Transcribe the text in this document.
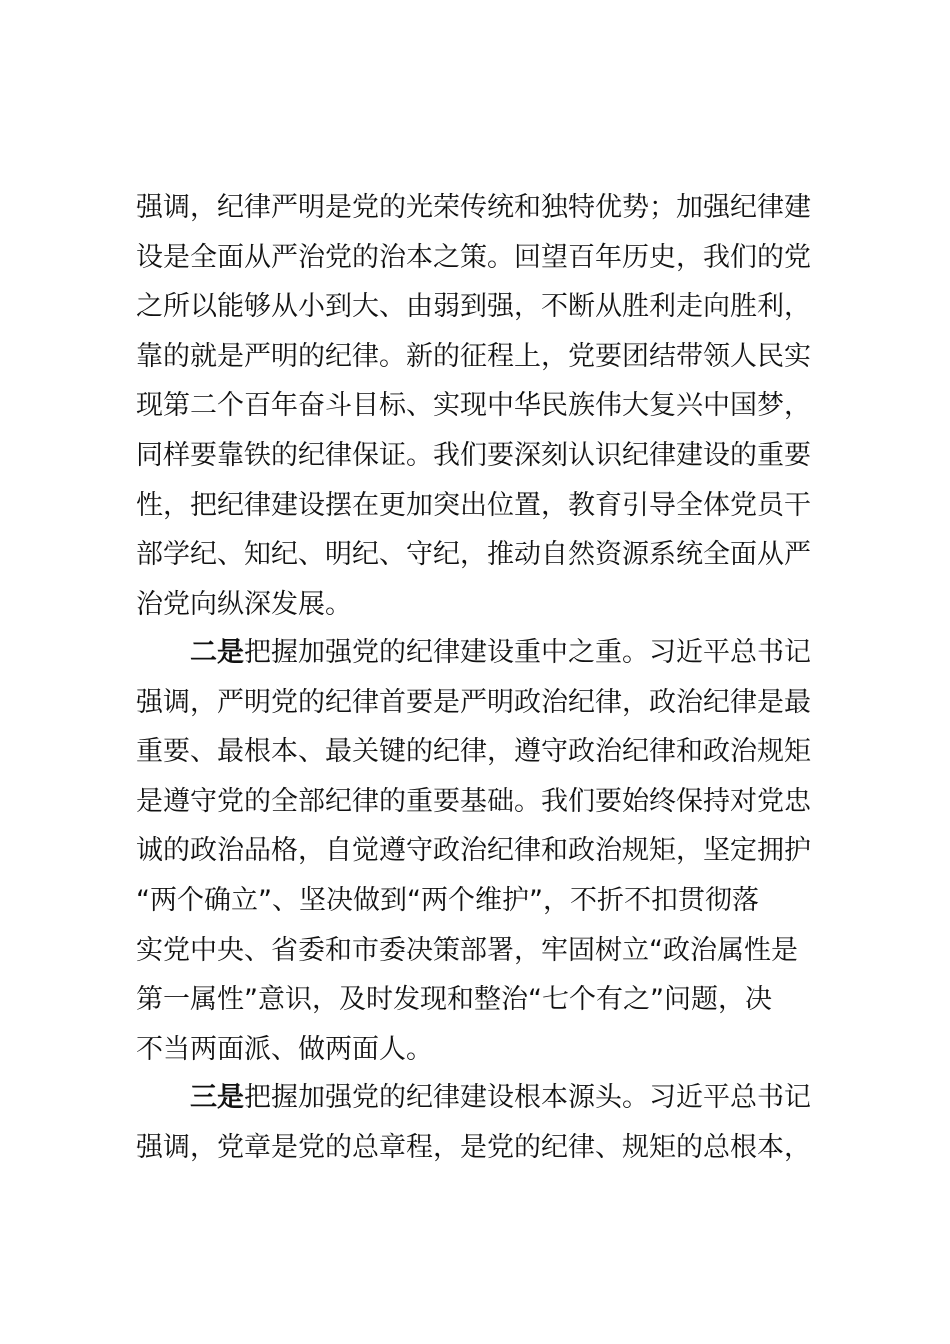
强调，纪律严明是党的光荣传统和独特优势；加强纪律建
设是全面从严治党的治本之策。回望百年历史，我们的党
之所以能够从小到大、由弱到强，不断从胜利走向胜利，
靠的就是严明的纪律。新的征程上，党要团结带领人民实
现第二个百年奋斗目标、实现中华民族伟大复兴中国梦，
同样要靠铁的纪律保证。我们要深刻认识纪律建设的重要
性，把纪律建设摆在更加突出位置，教育引导全体党员干
部学纪、知纪、明纪、守纪，推动自然资源系统全面从严
治党向纵深发展。
二是把握加强党的纪律建设重中之重。习近平总书记
强调，严明党的纪律首要是严明政治纪律，政治纪律是最
重要、最根本、最关键的纪律，遵守政治纪律和政治规矩
是遵守党的全部纪律的重要基础。我们要始终保持对党忠
诚的政治品格，自觉遵守政治纪律和政治规矩，坚定拥护
“两个确立”、坚决做到“两个维护”，不折不扣贯彻落
实党中央、省委和市委决策部署，牢固树立“政治属性是
第一属性”意识，及时发现和整治“七个有之”问题，决
不当两面派、做两面人。
三是把握加强党的纪律建设根本源头。习近平总书记
强调，党章是党的总章程，是党的纪律、规矩的总根本，
